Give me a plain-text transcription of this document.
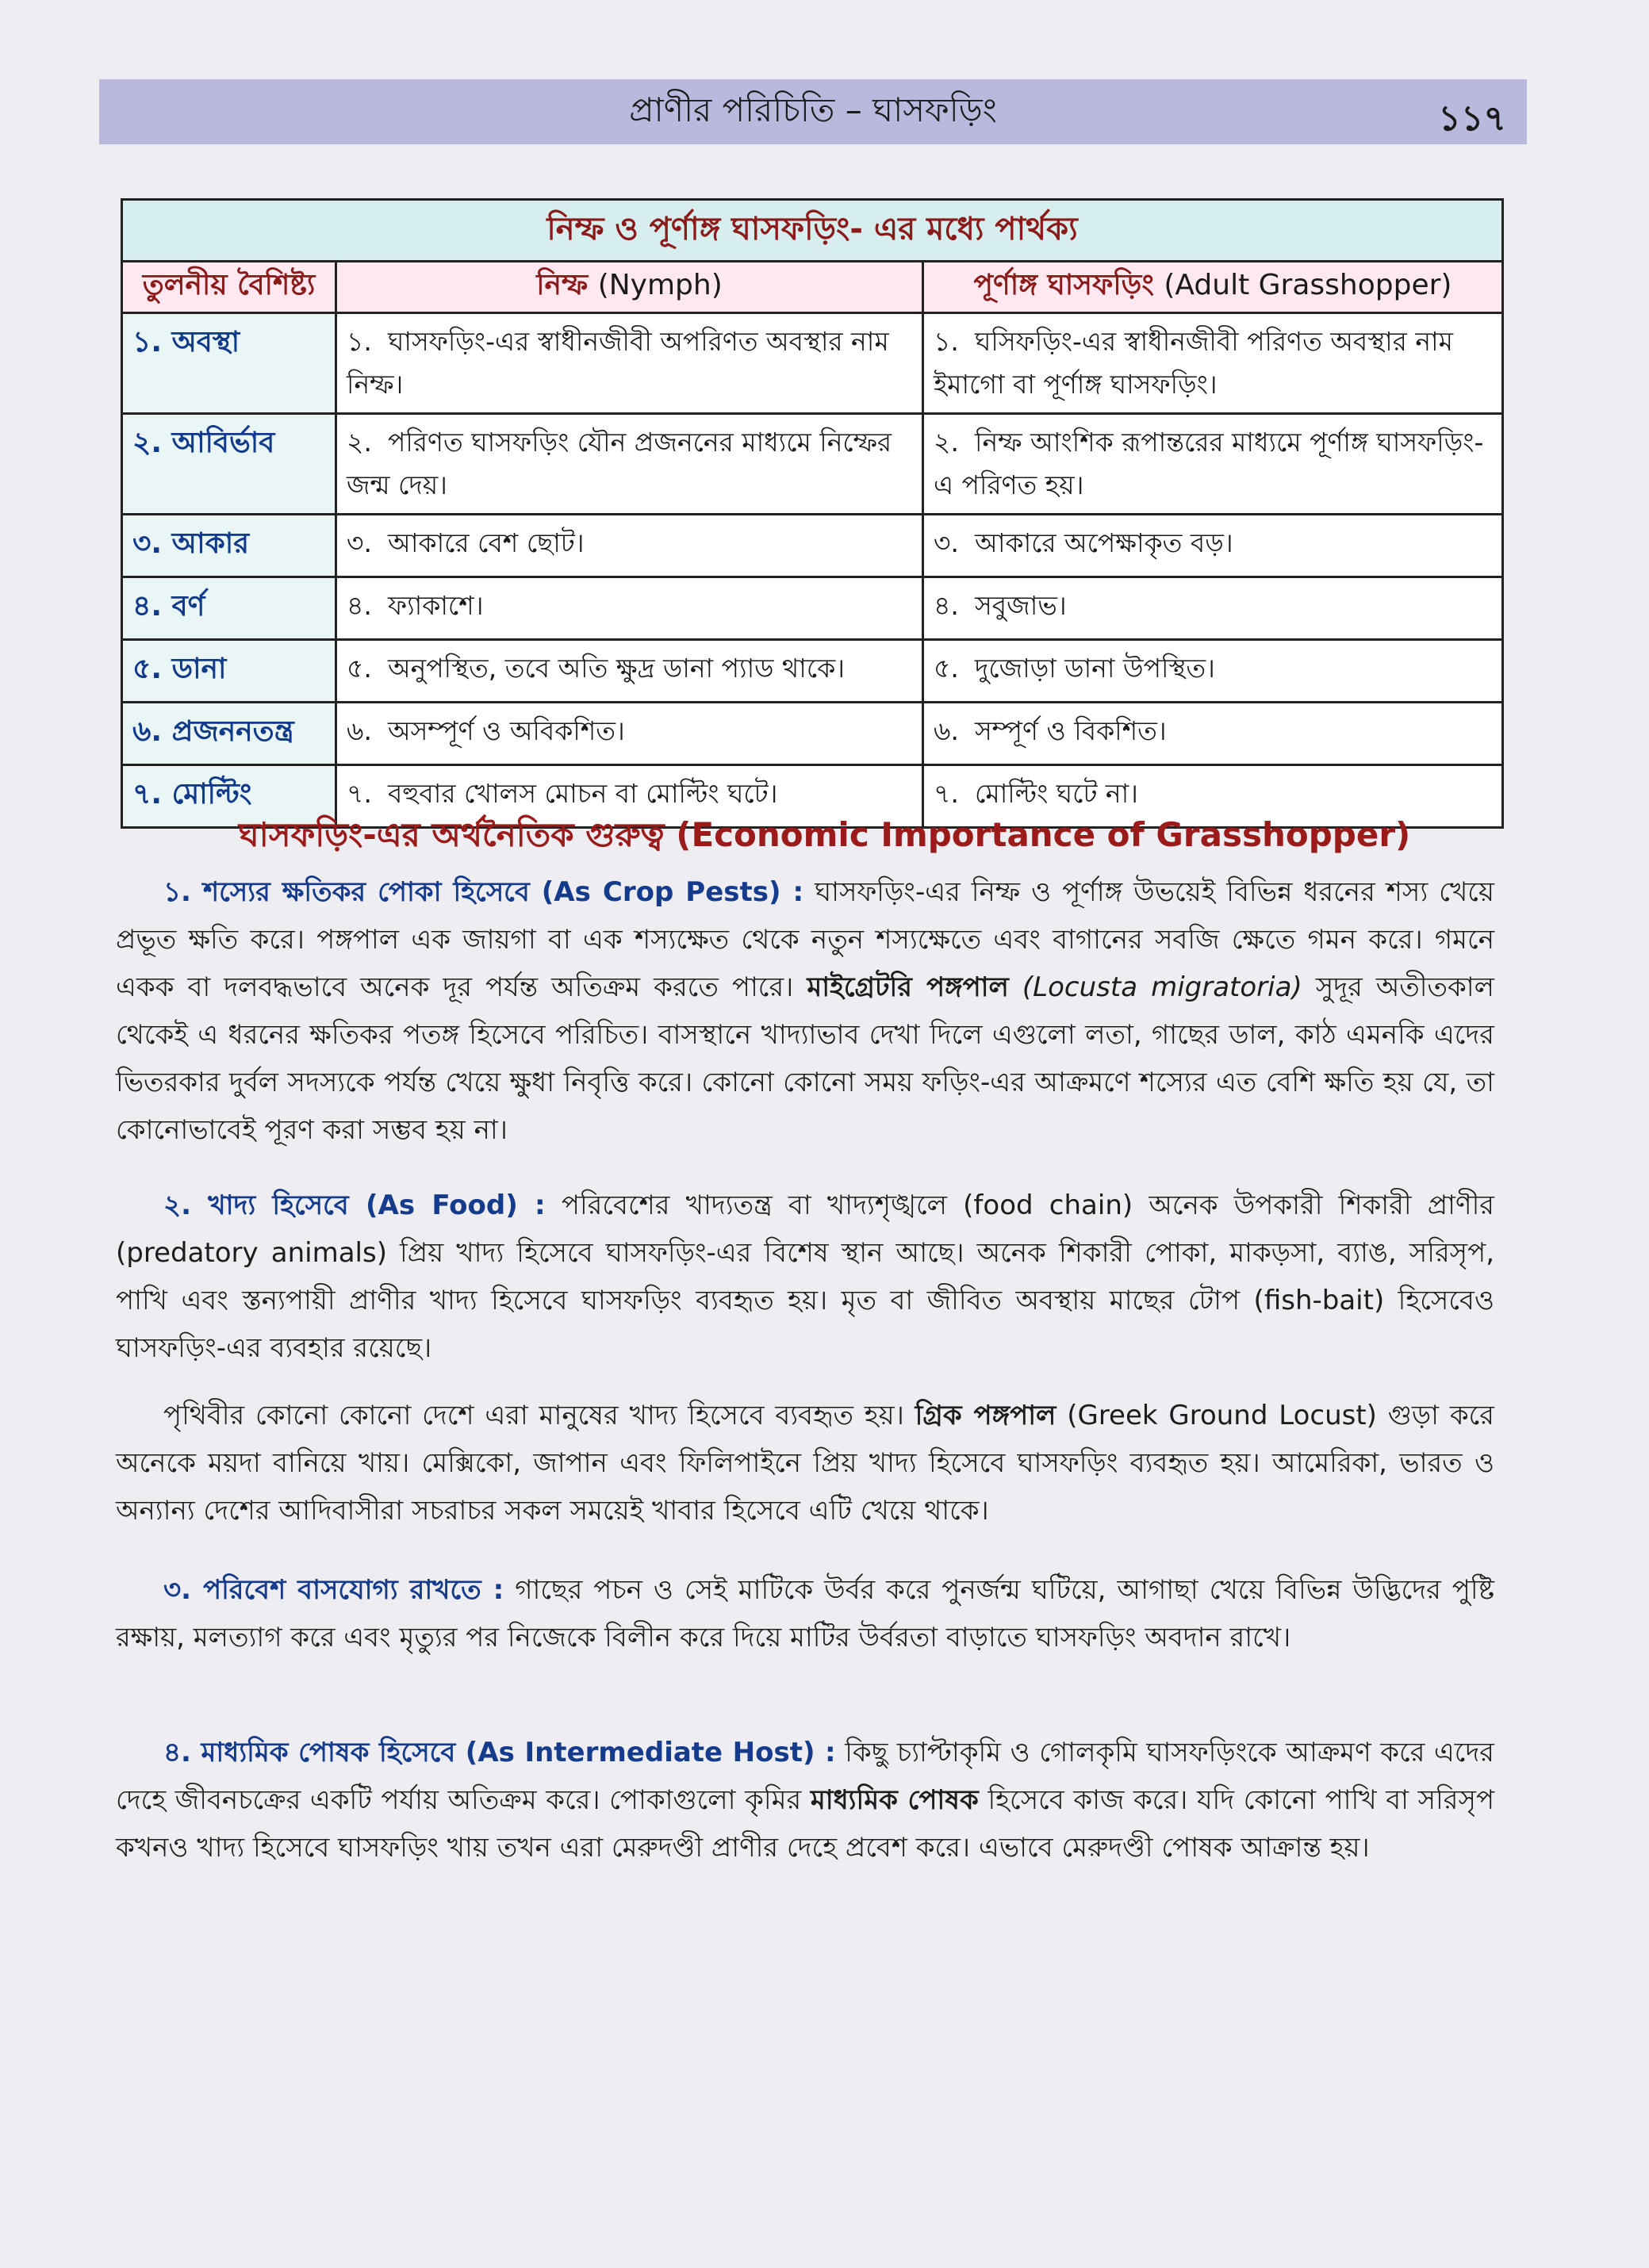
প্রাণীর পরিচিতি – ঘাসফড়িং	১১৭
নিম্ফ ও পূর্ণাঙ্গ ঘাসফড়িং- এর মধ্যে পার্থক্য		
তুলনীয় বৈশিষ্ট্য	নিম্ফ (Nymph)	পূর্ণাঙ্গ ঘাসফড়িং (Adult Grasshopper)
১. অবস্থা	১. ঘাসফড়িং-এর স্বাধীনজীবী অপরিণত অবস্থার নাম নিম্ফ।	১. ঘসিফড়িং-এর স্বাধীনজীবী পরিণত অবস্থার নাম ইমাগো বা পূর্ণাঙ্গ ঘাসফড়িং।
২. আবির্ভাব	২. পরিণত ঘাসফড়িং যৌন প্রজননের মাধ্যমে নিম্ফের জন্ম দেয়।	২. নিম্ফ আংশিক রূপান্তরের মাধ্যমে পূর্ণাঙ্গ ঘাসফড়িং-এ পরিণত হয়।
৩. আকার	৩. আকারে বেশ ছোট।	৩. আকারে অপেক্ষাকৃত বড়।
৪. বর্ণ	৪. ফ্যাকাশে।	৪. সবুজাভ।
৫. ডানা	৫. অনুপস্থিত, তবে অতি ক্ষুদ্র ডানা প্যাড থাকে।	৫. দুজোড়া ডানা উপস্থিত।
৬. প্রজননতন্ত্র	৬. অসম্পূর্ণ ও অবিকশিত।	৬. সম্পূর্ণ ও বিকশিত।
৭. মোল্টিং	৭. বহুবার খোলস মোচন বা মোল্টিং ঘটে।	৭. মোল্টিং ঘটে না।
ঘাসফড়িং-এর অর্থনৈতিক গুরুত্ব (Economic Importance of Grasshopper)
১. শস্যের ক্ষতিকর পোকা হিসেবে (As Crop Pests) : ঘাসফড়িং-এর নিম্ফ ও পূর্ণাঙ্গ উভয়েই বিভিন্ন ধরনের শস্য খেয়ে প্রভূত ক্ষতি করে। পঙ্গপাল এক জায়গা বা এক শস্যক্ষেত থেকে নতুন শস্যক্ষেতে এবং বাগানের সবজি ক্ষেতে গমন করে। গমনে একক বা দলবদ্ধভাবে অনেক দূর পর্যন্ত অতিক্রম করতে পারে। মাইগ্রেটরি পঙ্গপাল (Locusta migratoria) সুদূর অতীতকাল থেকেই এ ধরনের ক্ষতিকর পতঙ্গ হিসেবে পরিচিত। বাসস্থানে খাদ্যাভাব দেখা দিলে এগুলো লতা, গাছের ডাল, কাঠ এমনকি এদের ভিতরকার দুর্বল সদস্যকে পর্যন্ত খেয়ে ক্ষুধা নিবৃত্তি করে। কোনো কোনো সময় ফড়িং-এর আক্রমণে শস্যের এত বেশি ক্ষতি হয় যে, তা কোনোভাবেই পূরণ করা সম্ভব হয় না।
২. খাদ্য হিসেবে (As Food) : পরিবেশের খাদ্যতন্ত্র বা খাদ্যশৃঙ্খলে (food chain) অনেক উপকারী শিকারী প্রাণীর (predatory animals) প্রিয় খাদ্য হিসেবে ঘাসফড়িং-এর বিশেষ স্থান আছে। অনেক শিকারী পোকা, মাকড়সা, ব্যাঙ, সরিসৃপ, পাখি এবং স্তন্যপায়ী প্রাণীর খাদ্য হিসেবে ঘাসফড়িং ব্যবহৃত হয়। মৃত বা জীবিত অবস্থায় মাছের টোপ (fish-bait) হিসেবেও ঘাসফড়িং-এর ব্যবহার রয়েছে।
পৃথিবীর কোনো কোনো দেশে এরা মানুষের খাদ্য হিসেবে ব্যবহৃত হয়। গ্রিক পঙ্গপাল (Greek Ground Locust) গুড়া করে অনেকে ময়দা বানিয়ে খায়। মেক্সিকো, জাপান এবং ফিলিপাইনে প্রিয় খাদ্য হিসেবে ঘাসফড়িং ব্যবহৃত হয়। আমেরিকা, ভারত ও অন্যান্য দেশের আদিবাসীরা সচরাচর সকল সময়েই খাবার হিসেবে এটি খেয়ে থাকে।
৩. পরিবেশ বাসযোগ্য রাখতে : গাছের পচন ও সেই মাটিকে উর্বর করে পুনর্জন্ম ঘটিয়ে, আগাছা খেয়ে বিভিন্ন উদ্ভিদের পুষ্টি রক্ষায়, মলত্যাগ করে এবং মৃত্যুর পর নিজেকে বিলীন করে দিয়ে মাটির উর্বরতা বাড়াতে ঘাসফড়িং অবদান রাখে।
৪. মাধ্যমিক পোষক হিসেবে (As Intermediate Host) : কিছু চ্যাপ্টাকৃমি ও গোলকৃমি ঘাসফড়িংকে আক্রমণ করে এদের দেহে জীবনচক্রের একটি পর্যায় অতিক্রম করে। পোকাগুলো কৃমির মাধ্যমিক পোষক হিসেবে কাজ করে। যদি কোনো পাখি বা সরিসৃপ কখনও খাদ্য হিসেবে ঘাসফড়িং খায় তখন এরা মেরুদণ্ডী প্রাণীর দেহে প্রবেশ করে। এভাবে মেরুদণ্ডী পোষক আক্রান্ত হয়।
